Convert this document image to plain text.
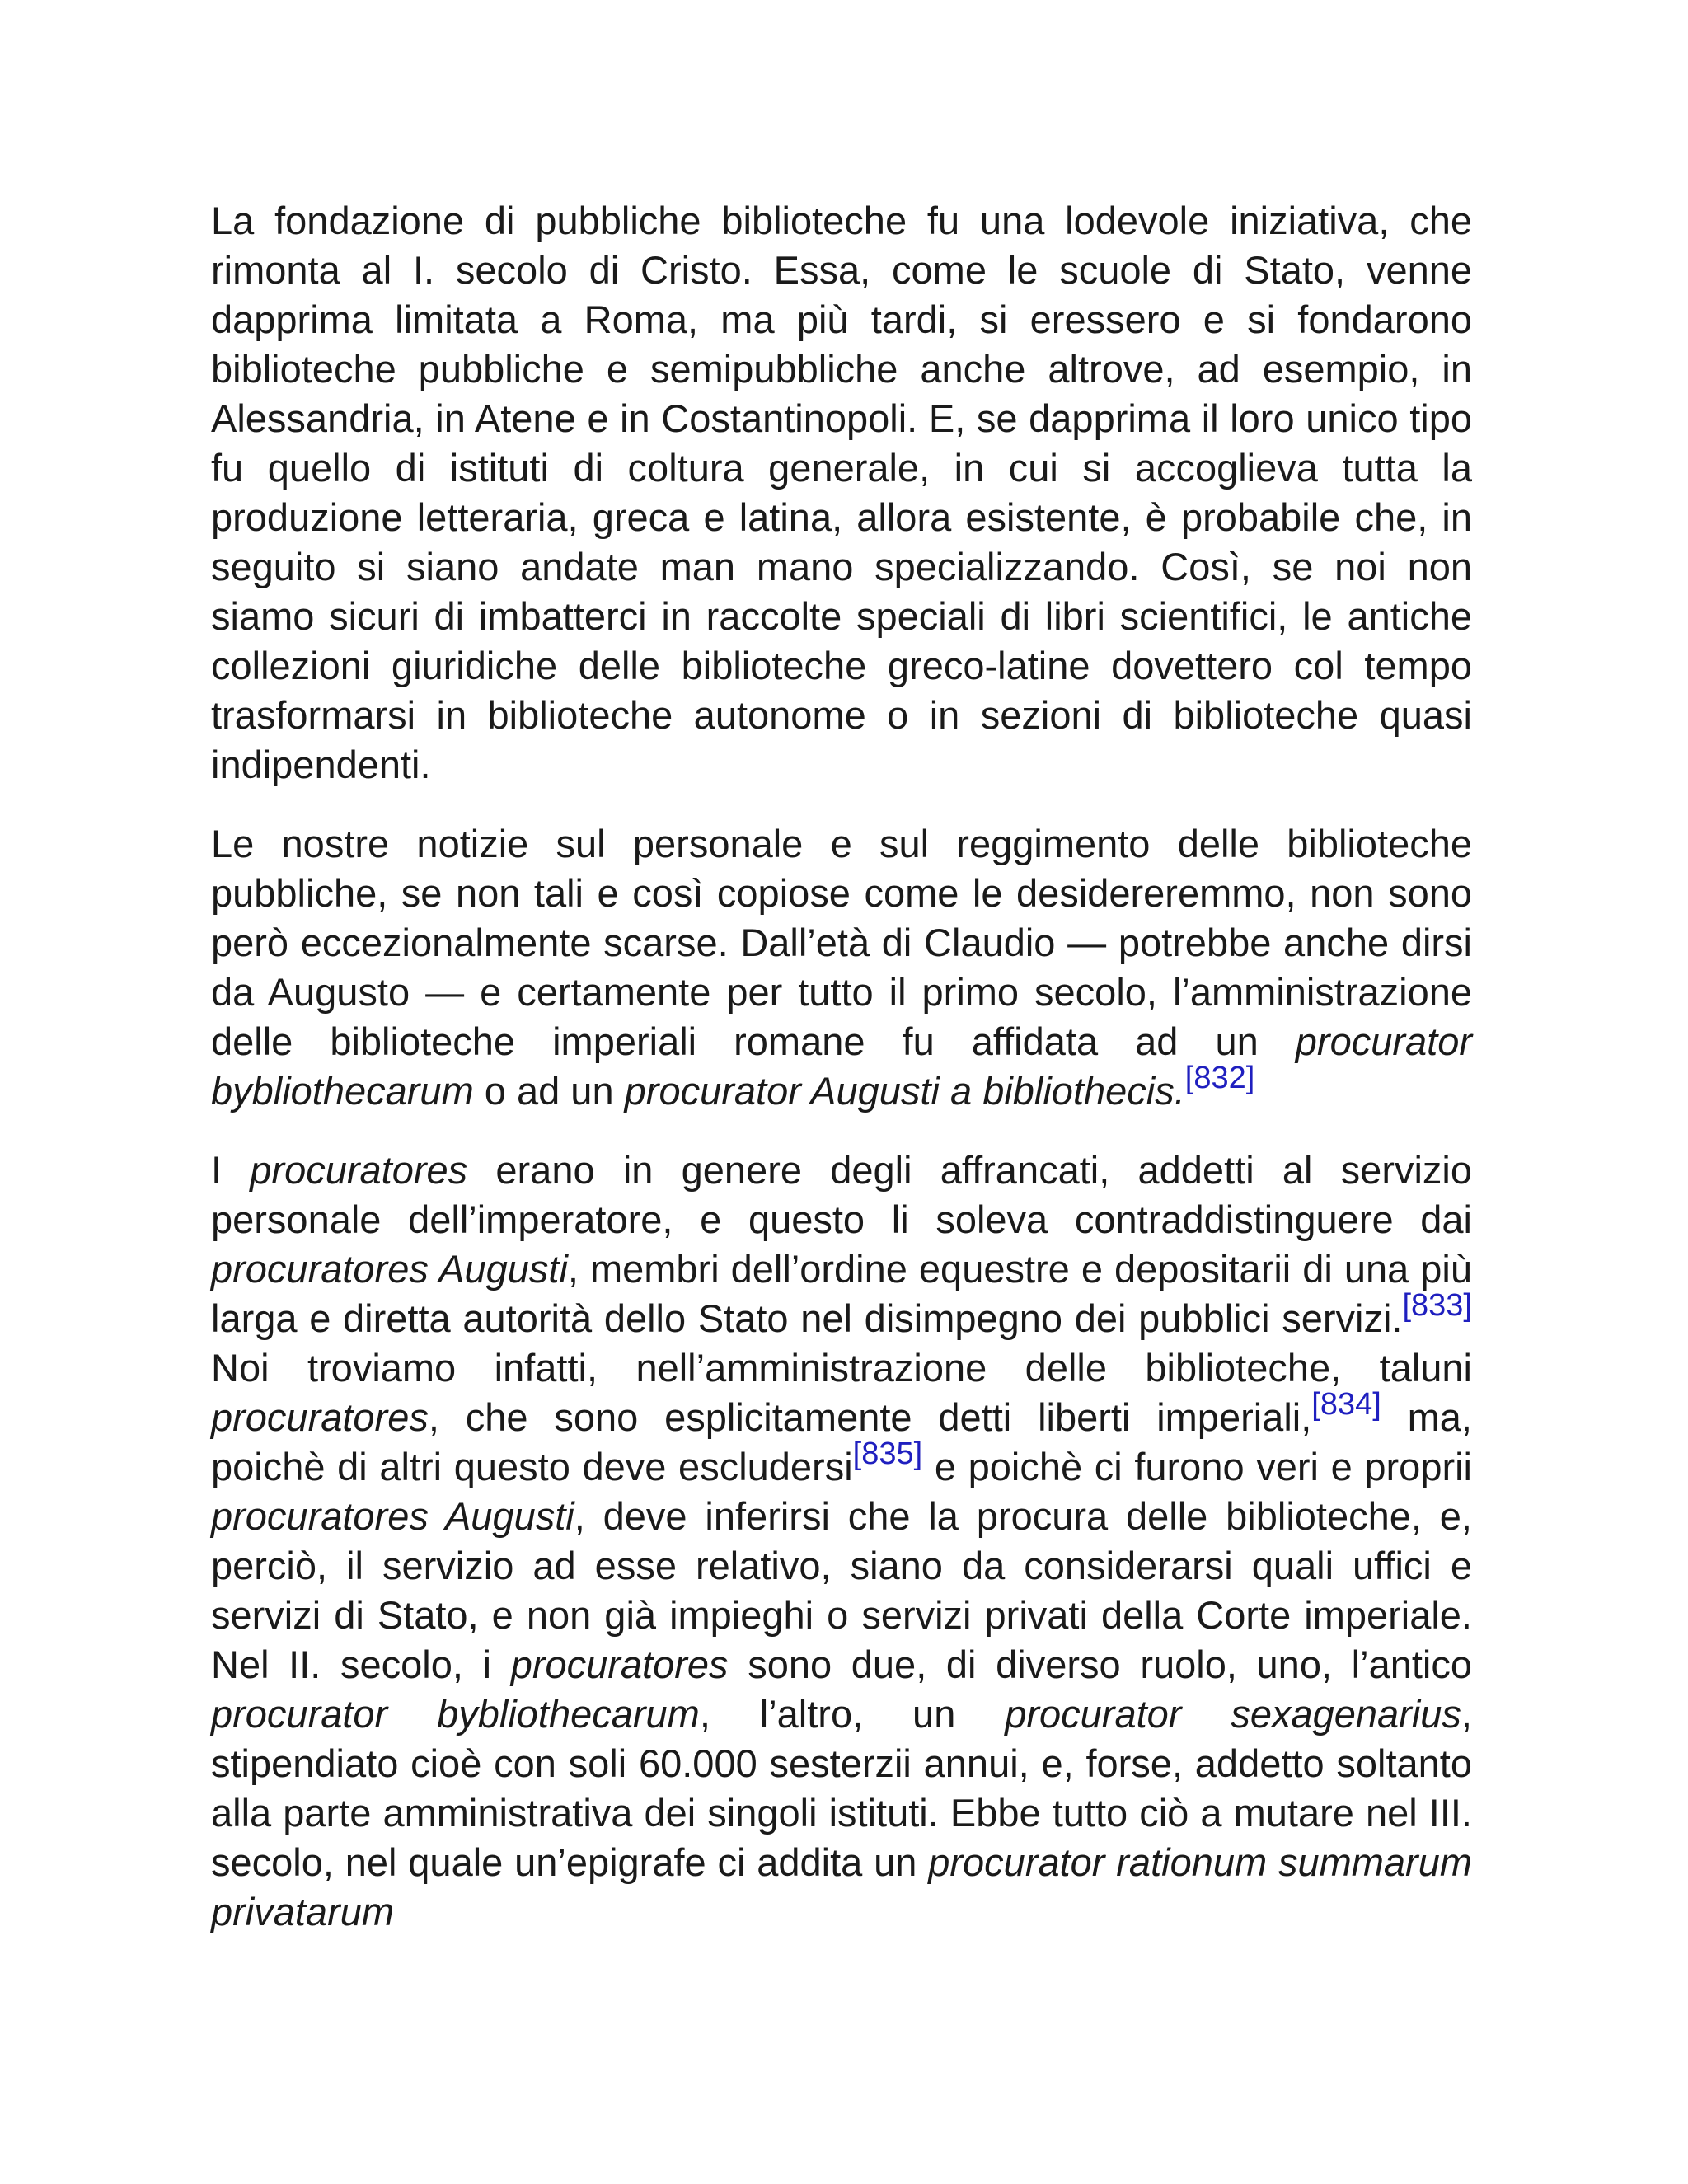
La fondazione di pubbliche biblioteche fu una lodevole iniziativa, che rimonta al I. secolo di Cristo. Essa, come le scuole di Stato, venne dapprima limitata a Roma, ma più tardi, si eressero e si fondarono biblioteche pubbliche e semipubbliche anche altrove, ad esempio, in Alessandria, in Atene e in Costantinopoli. E, se dapprima il loro unico tipo fu quello di istituti di coltura generale, in cui si accoglieva tutta la produzione letteraria, greca e latina, allora esistente, è probabile che, in seguito si siano andate man mano specializzando. Così, se noi non siamo sicuri di imbatterci in raccolte speciali di libri scientifici, le antiche collezioni giuridiche delle biblioteche greco-latine dovettero col tempo trasformarsi in biblioteche autonome o in sezioni di biblioteche quasi indipendenti.

Le nostre notizie sul personale e sul reggimento delle biblioteche pubbliche, se non tali e così copiose come le desidereremmo, non sono però eccezionalmente scarse. Dall’età di Claudio — potrebbe anche dirsi da Augusto — e certamente per tutto il primo secolo, l’amministrazione delle biblioteche imperiali romane fu affidata ad un procurator bybliothecarum o ad un procurator Augusti a bibliothecis.[832]

I procuratores erano in genere degli affrancati, addetti al servizio personale dell’imperatore, e questo li soleva contraddistinguere dai procuratores Augusti, membri dell’ordine equestre e depositarii di una più larga e diretta autorità dello Stato nel disimpegno dei pubblici servizi.[833] Noi troviamo infatti, nell’amministrazione delle biblioteche, taluni procuratores, che sono esplicitamente detti liberti imperiali,[834] ma, poichè di altri questo deve escludersi[835] e poichè ci furono veri e proprii procuratores Augusti, deve inferirsi che la procura delle biblioteche, e, perciò, il servizio ad esse relativo, siano da considerarsi quali uffici e servizi di Stato, e non già impieghi o servizi privati della Corte imperiale. Nel II. secolo, i procuratores sono due, di diverso ruolo, uno, l’antico procurator bybliothecarum, l’altro, un procurator sexagenarius, stipendiato cioè con soli 60.000 sesterzii annui, e, forse, addetto soltanto alla parte amministrativa dei singoli istituti. Ebbe tutto ciò a mutare nel III. secolo, nel quale un’epigrafe ci addita un procurator rationum summarum privatarum
